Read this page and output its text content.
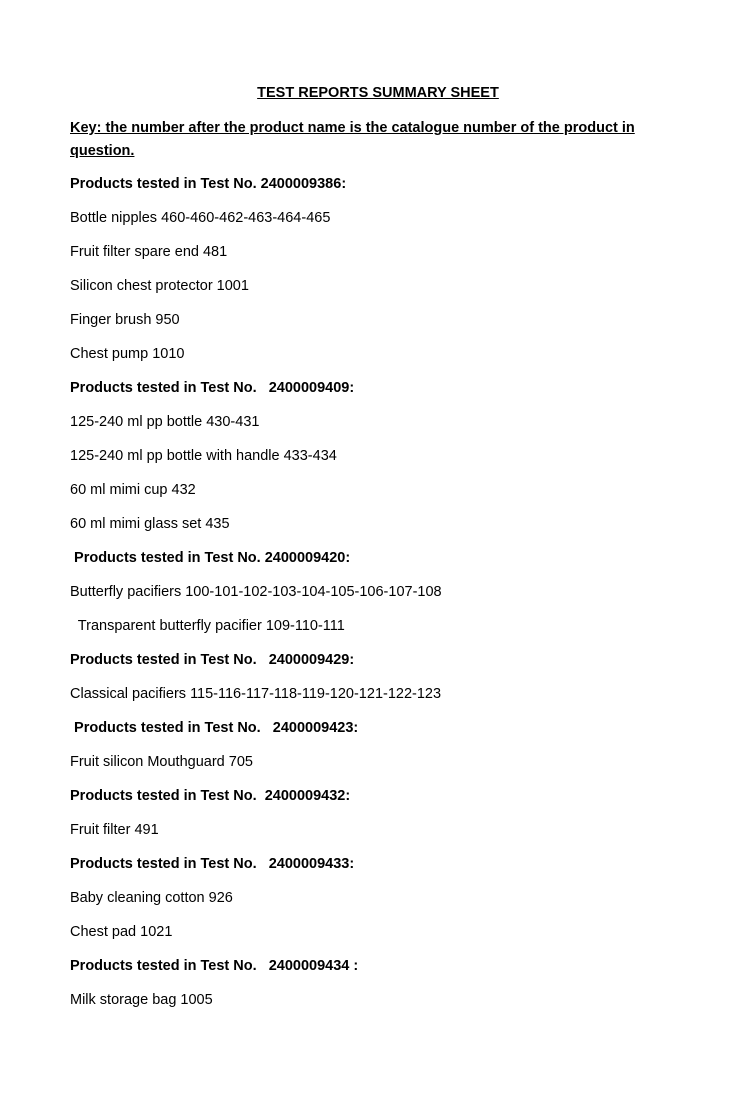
TEST REPORTS SUMMARY SHEET
Key: the number after the product name is the catalogue number of the product in question.
Products tested in Test No. 2400009386:
Bottle nipples 460-460-462-463-464-465
Fruit filter spare end 481
Silicon chest protector 1001
Finger brush 950
Chest pump 1010
Products tested in Test No.   2400009409:
125-240 ml pp bottle 430-431
125-240 ml pp bottle with handle 433-434
60 ml mimi cup 432
60 ml mimi glass set 435
Products tested in Test No. 2400009420:
Butterfly pacifiers 100-101-102-103-104-105-106-107-108
Transparent butterfly pacifier 109-110-111
Products tested in Test No.   2400009429:
Classical pacifiers 115-116-117-118-119-120-121-122-123
Products tested in Test No.   2400009423:
Fruit silicon Mouthguard 705
Products tested in Test No.  2400009432:
Fruit filter 491
Products tested in Test No.   2400009433:
Baby cleaning cotton 926
Chest pad 1021
Products tested in Test No.   2400009434 :
Milk storage bag 1005
